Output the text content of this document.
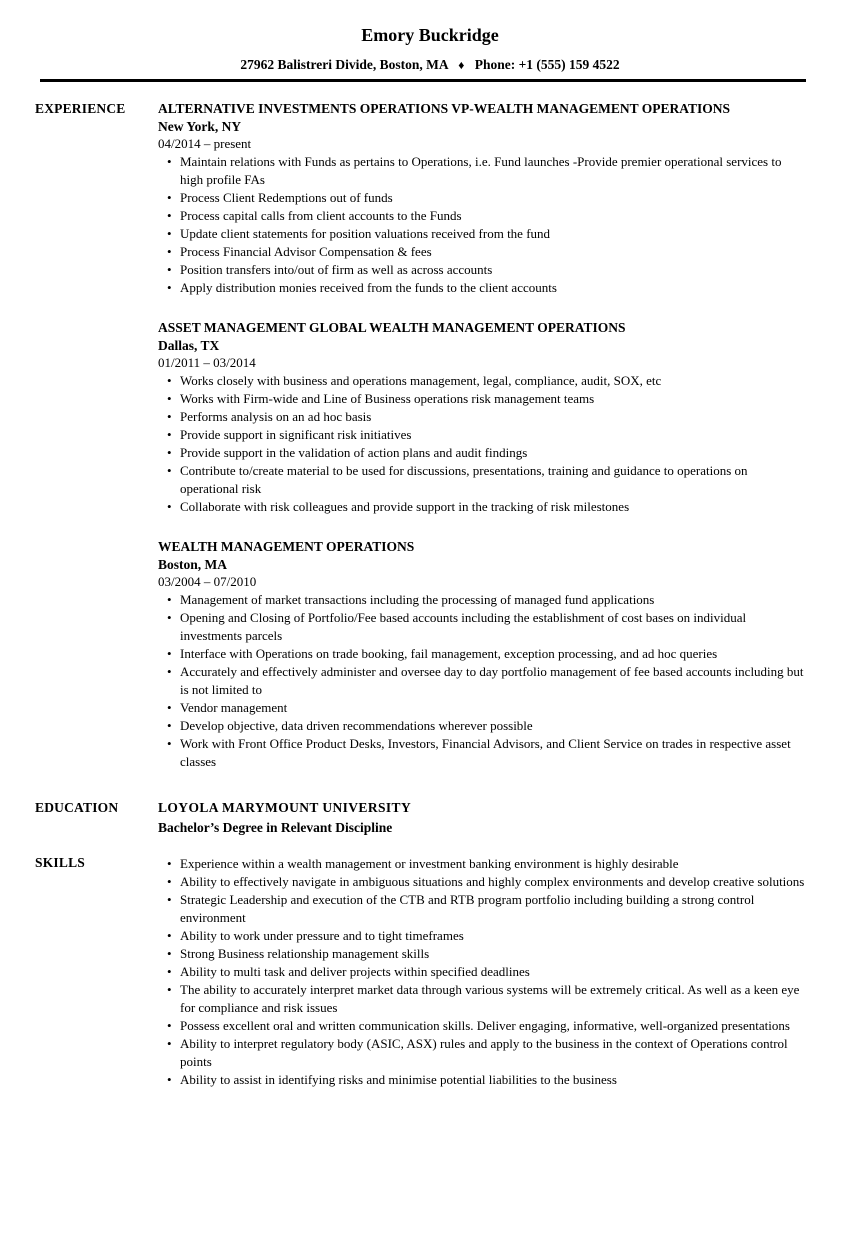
Emory Buckridge
27962 Balistreri Divide, Boston, MA ♦ Phone: +1 (555) 159 4522
EXPERIENCE	ALTERNATIVE INVESTMENTS OPERATIONS VP-WEALTH MANAGEMENT OPERATIONS
New York, NY
04/2014 – present
• Maintain relations with Funds as pertains to Operations, i.e. Fund launches -Provide premier operational services to high profile FAs
• Process Client Redemptions out of funds
• Process capital calls from client accounts to the Funds
• Update client statements for position valuations received from the fund
• Process Financial Advisor Compensation & fees
• Position transfers into/out of firm as well as across accounts
• Apply distribution monies received from the funds to the client accounts
ASSET MANAGEMENT GLOBAL WEALTH MANAGEMENT OPERATIONS
Dallas, TX
01/2011 – 03/2014
• Works closely with business and operations management, legal, compliance, audit, SOX, etc
• Works with Firm-wide and Line of Business operations risk management teams
• Performs analysis on an ad hoc basis
• Provide support in significant risk initiatives
• Provide support in the validation of action plans and audit findings
• Contribute to/create material to be used for discussions, presentations, training and guidance to operations on operational risk
• Collaborate with risk colleagues and provide support in the tracking of risk milestones
WEALTH MANAGEMENT OPERATIONS
Boston, MA
03/2004 – 07/2010
• Management of market transactions including the processing of managed fund applications
• Opening and Closing of Portfolio/Fee based accounts including the establishment of cost bases on individual investments parcels
• Interface with Operations on trade booking, fail management, exception processing, and ad hoc queries
• Accurately and effectively administer and oversee day to day portfolio management of fee based accounts including but is not limited to
• Vendor management
• Develop objective, data driven recommendations wherever possible
• Work with Front Office Product Desks, Investors, Financial Advisors, and Client Service on trades in respective asset classes
EDUCATION	LOYOLA MARYMOUNT UNIVERSITY
Bachelor’s Degree in Relevant Discipline
SKILLS	• Experience within a wealth management or investment banking environment is highly desirable
• Ability to effectively navigate in ambiguous situations and highly complex environments and develop creative solutions
• Strategic Leadership and execution of the CTB and RTB program portfolio including building a strong control environment
• Ability to work under pressure and to tight timeframes
• Strong Business relationship management skills
• Ability to multi task and deliver projects within specified deadlines
• The ability to accurately interpret market data through various systems will be extremely critical. As well as a keen eye for compliance and risk issues
• Possess excellent oral and written communication skills. Deliver engaging, informative, well-organized presentations
• Ability to interpret regulatory body (ASIC, ASX) rules and apply to the business in the context of Operations control points
• Ability to assist in identifying risks and minimise potential liabilities to the business
